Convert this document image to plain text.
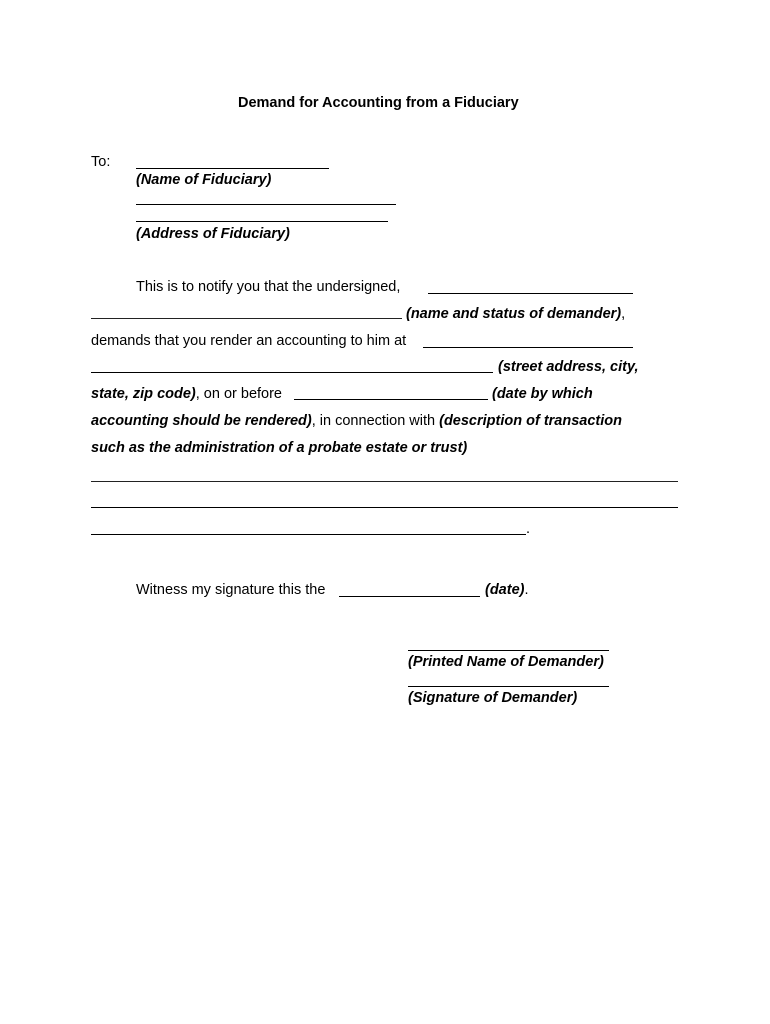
Demand for Accounting from a Fiduciary
To:
(Name of Fiduciary)
(Address of Fiduciary)
This is to notify you that the undersigned,
(name and status of demander),
demands that you render an accounting to him at
(street address, city,
state, zip code), on or before	(date by which
accounting should be rendered), in connection with (description of transaction
such as the administration of a probate estate or trust)
.
Witness my signature this the	(date).
(Printed Name of Demander)
(Signature of Demander)
